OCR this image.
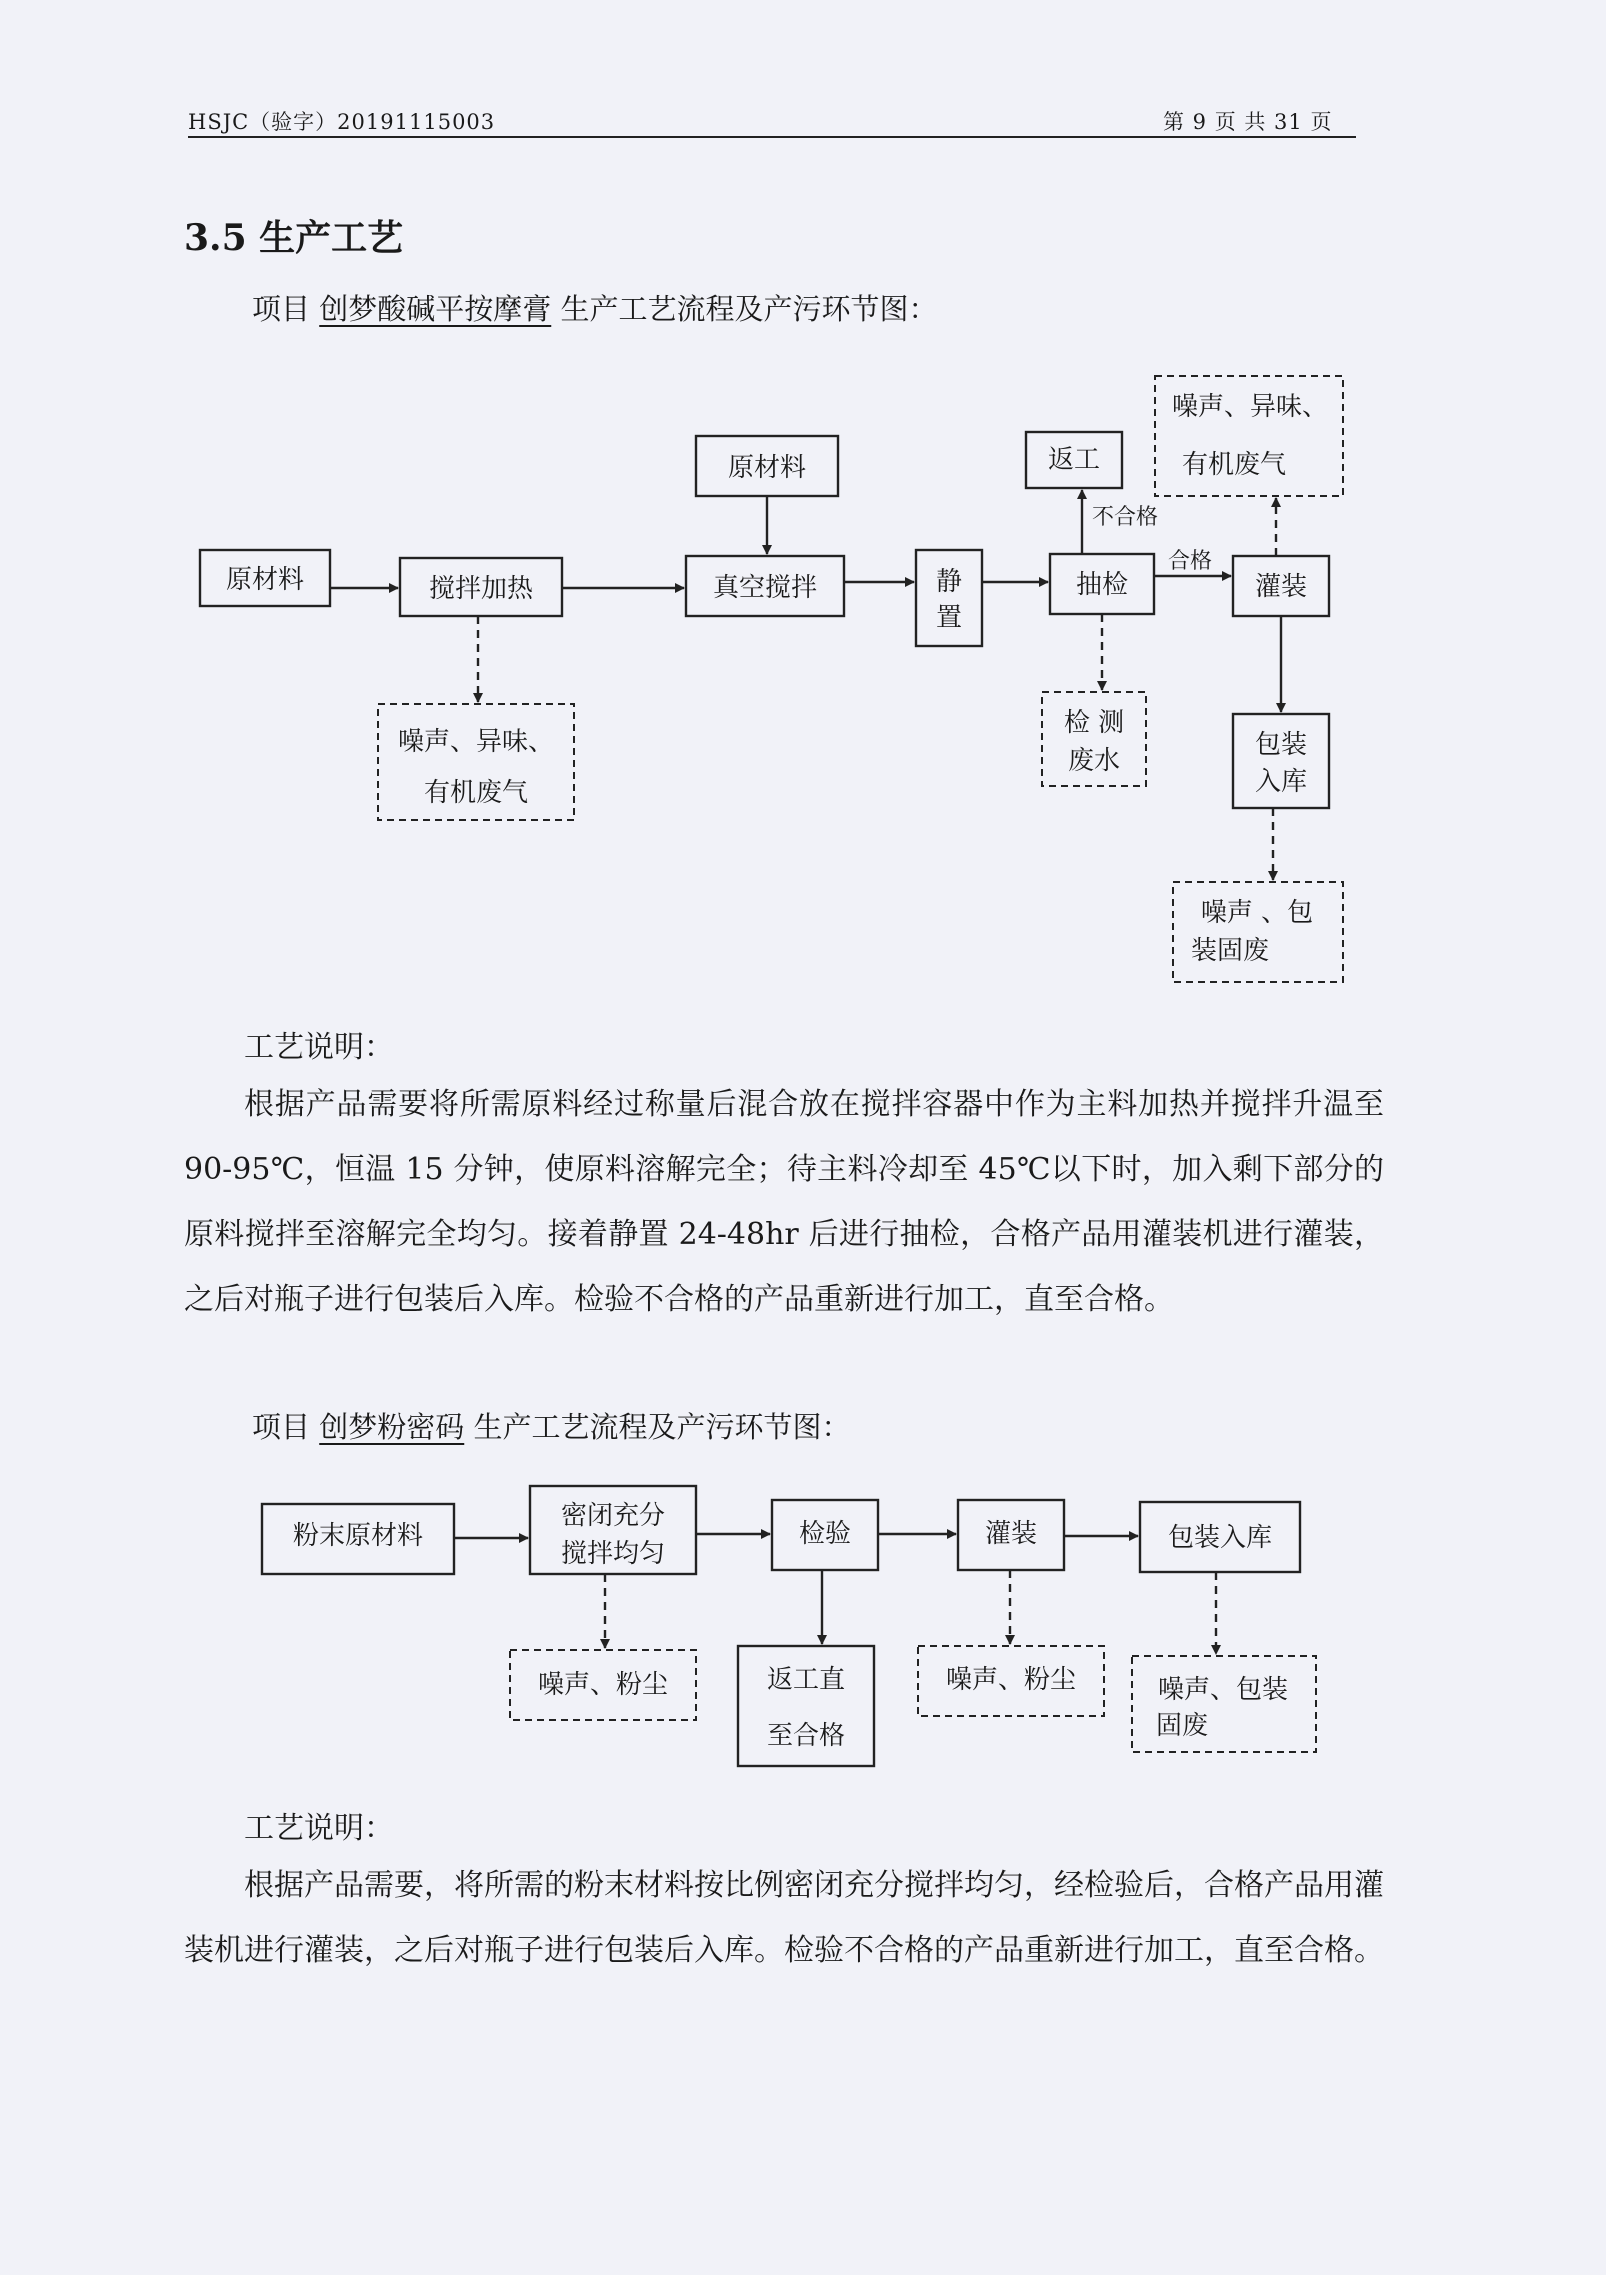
HSJC（验字）20191115003	第 9 页 共 31 页
3.5 生产工艺
项目 创梦酸碱平按摩膏 生产工艺流程及产污环节图：
原材料	搅拌加热
原材料
真空搅拌	静
置
抽检
返工
灌装
包装
入库
噪声、异味、
有机废气
检 测
废水
噪声、异味、
有机废气
噪声 、包
装固废
不合格
合格
工艺说明：

根据产品需要将所需原料经过称量后混合放在搅拌容器中作为主料加热并搅拌升温至 90-95℃，恒温 15 分钟，使原料溶解完全；待主料冷却至 45℃以下时，加入剩下部分的原料搅拌至溶解完全均匀。接着静置 24-48hr 后进行抽检，合格产品用灌装机进行灌装，之后对瓶子进行包装后入库。检验不合格的产品重新进行加工，直至合格。

项目 创梦粉密码 生产工艺流程及产污环节图：
粉末原材料
密闭充分
搅拌均匀
检验	灌装	包装入库
噪声、粉尘	返工直
至合格
噪声、粉尘	噪声、包装
固废
工艺说明：

根据产品需要，将所需的粉末材料按比例密闭充分搅拌均匀，经检验后，合格产品用灌装机进行灌装，之后对瓶子进行包装后入库。检验不合格的产品重新进行加工，直至合格。
